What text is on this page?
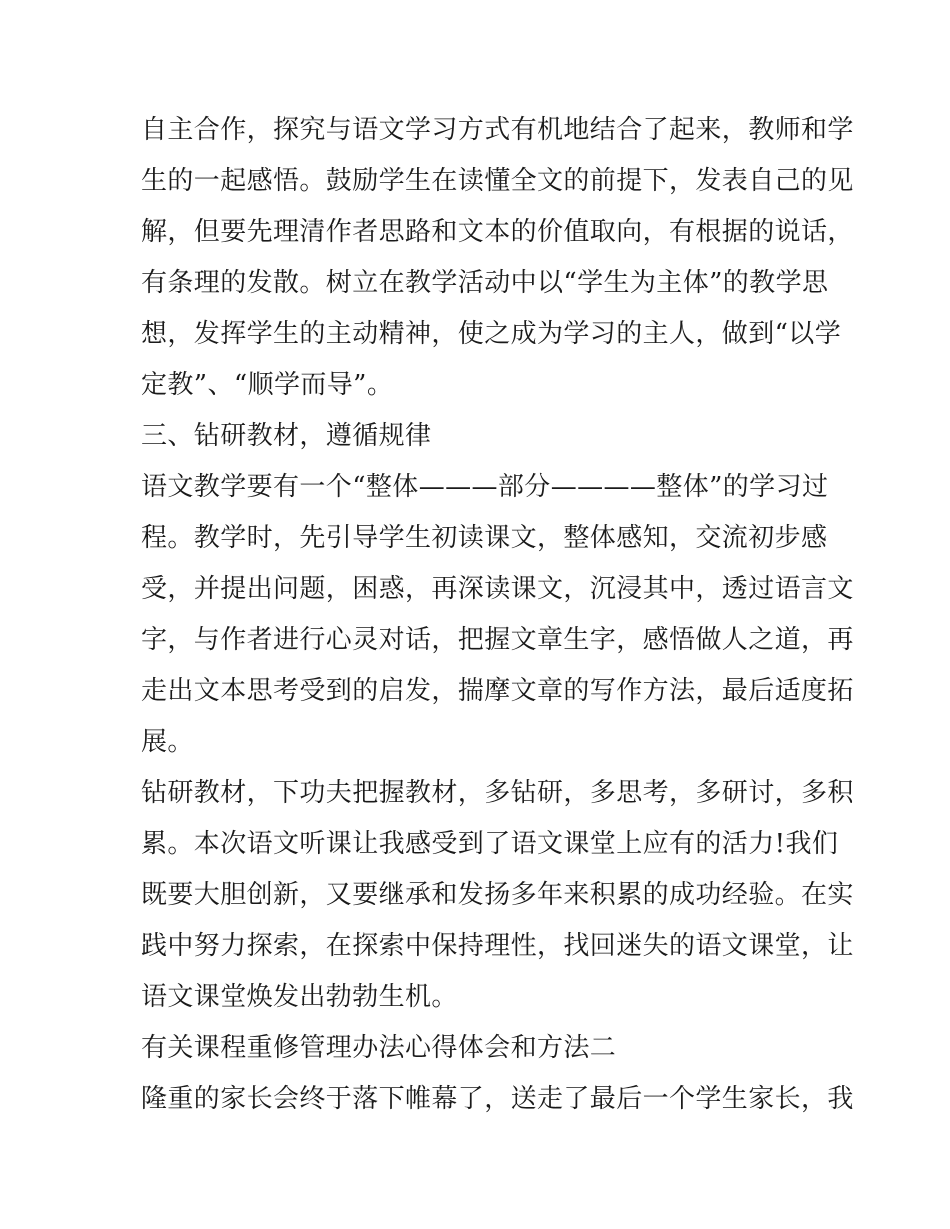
自主合作，探究与语文学习方式有机地结合了起来，教师和学
生的一起感悟。鼓励学生在读懂全文的前提下，发表自己的见
解，但要先理清作者思路和文本的价值取向，有根据的说话，
有条理的发散。树立在教学活动中以“学生为主体”的教学思
想，发挥学生的主动精神，使之成为学习的主人，做到“以学
定教”、“顺学而导”。
三、钻研教材，遵循规律
语文教学要有一个“整体———部分————整体”的学习过
程。教学时，先引导学生初读课文，整体感知，交流初步感
受，并提出问题，困惑，再深读课文，沉浸其中，透过语言文
字，与作者进行心灵对话，把握文章生字，感悟做人之道，再
走出文本思考受到的启发，揣摩文章的写作方法，最后适度拓
展。
钻研教材，下功夫把握教材，多钻研，多思考，多研讨，多积
累。本次语文听课让我感受到了语文课堂上应有的活力!我们
既要大胆创新，又要继承和发扬多年来积累的成功经验。在实
践中努力探索，在探索中保持理性，找回迷失的语文课堂，让
语文课堂焕发出勃勃生机。
有关课程重修管理办法心得体会和方法二
隆重的家长会终于落下帷幕了，送走了最后一个学生家长，我
